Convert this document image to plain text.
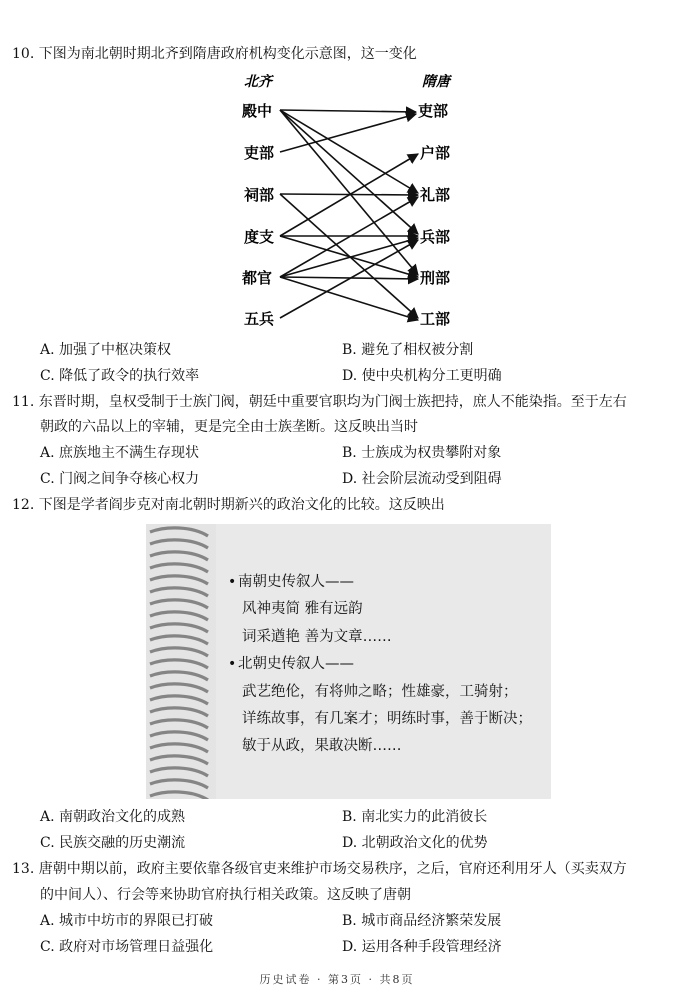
10. 下图为南北朝时期北齐到隋唐政府机构变化示意图，这一变化
北齐	隋唐
殿中
吏部
祠部
度支
都官
五兵
吏部
户部
礼部
兵部
刑部
工部
A. 加强了中枢决策权	B. 避免了相权被分割
C. 降低了政令的执行效率	D. 使中央机构分工更明确
11. 东晋时期，皇权受制于士族门阀，朝廷中重要官职均为门阀士族把持，庶人不能染指。至于左右
朝政的六品以上的宰辅，更是完全由士族垄断。这反映出当时
A. 庶族地主不满生存现状	B. 士族成为权贵攀附对象
C. 门阀之间争夺核心权力	D. 社会阶层流动受到阻碍
12. 下图是学者阎步克对南北朝时期新兴的政治文化的比较。这反映出
• 南朝史传叙人——
风神夷简 雅有远韵
词采遒艳 善为文章……
• 北朝史传叙人——
武艺绝伦，有将帅之略；性雄豪，工骑射；
详练故事，有几案才；明练时事，善于断决；
敏于从政，果敢决断……
A. 南朝政治文化的成熟	B. 南北实力的此消彼长
C. 民族交融的历史潮流	D. 北朝政治文化的优势
13. 唐朝中期以前，政府主要依靠各级官吏来维护市场交易秩序，之后，官府还利用牙人（买卖双方
的中间人）、行会等来协助官府执行相关政策。这反映了唐朝
A. 城市中坊市的界限已打破	B. 城市商品经济繁荣发展
C. 政府对市场管理日益强化	D. 运用各种手段管理经济
历史试卷 · 第3页 · 共8页
